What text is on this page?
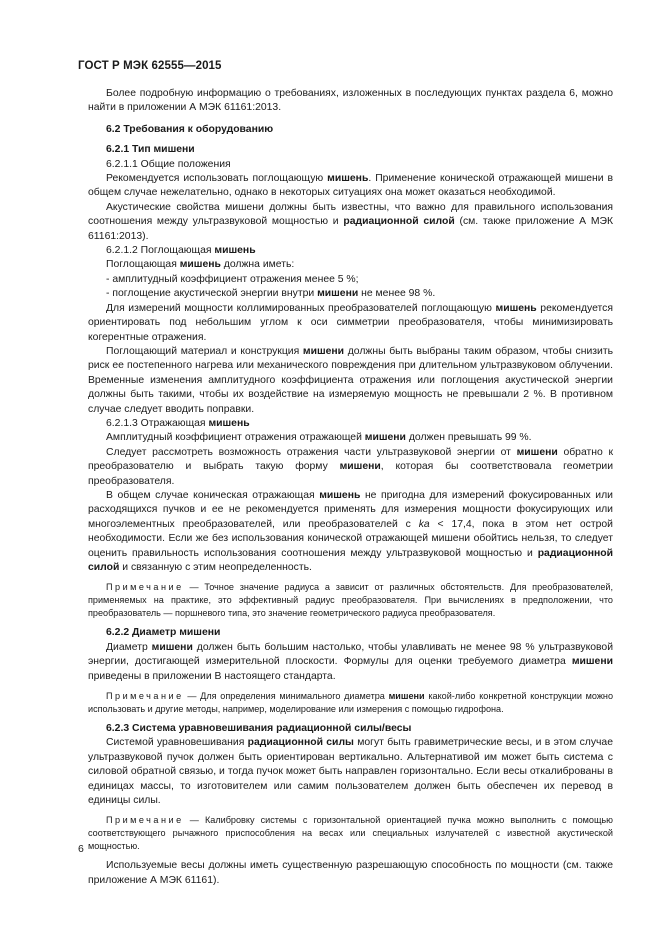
ГОСТ Р МЭК 62555—2015

Более подробную информацию о требованиях, изложенных в последующих пунктах раздела 6, можно найти в приложении А МЭК 61161:2013.

6.2 Требования к оборудованию

6.2.1 Тип мишени

6.2.1.1 Общие положения

Рекомендуется использовать поглощающую мишень. Применение конической отражающей мишени в общем случае нежелательно, однако в некоторых ситуациях она может оказаться необходимой.

Акустические свойства мишени должны быть известны, что важно для правильного использования соотношения между ультразвуковой мощностью и радиационной силой (см. также приложение А МЭК 61161:2013).

6.2.1.2 Поглощающая мишень

Поглощающая мишень должна иметь:

- амплитудный коэффициент отражения менее 5 %;

- поглощение акустической энергии внутри мишени не менее 98 %.

Для измерений мощности коллимированных преобразователей поглощающую мишень рекомендуется ориентировать под небольшим углом к оси симметрии преобразователя, чтобы минимизировать когерентные отражения.

Поглощающий материал и конструкция мишени должны быть выбраны таким образом, чтобы снизить риск ее постепенного нагрева или механического повреждения при длительном ультразвуковом облучении. Временные изменения амплитудного коэффициента отражения или поглощения акустической энергии должны быть такими, чтобы их воздействие на измеряемую мощность не превышали 2 %. В противном случае следует вводить поправки.

6.2.1.3 Отражающая мишень

Амплитудный коэффициент отражения отражающей мишени должен превышать 99 %.

Следует рассмотреть возможность отражения части ультразвуковой энергии от мишени обратно к преобразователю и выбрать такую форму мишени, которая бы соответствовала геометрии преобразователя.

В общем случае коническая отражающая мишень не пригодна для измерений фокусированных или расходящихся пучков и ее не рекомендуется применять для измерения мощности фокусирующих или многоэлементных преобразователей, или преобразователей с ka < 17,4, пока в этом нет острой необходимости. Если же без использования конической отражающей мишени обойтись нельзя, то следует оценить правильность использования соотношения между ультразвуковой мощностью и радиационной силой и связанную с этим неопределенность.

Примечание — Точное значение радиуса a зависит от различных обстоятельств. Для преобразователей, применяемых на практике, это эффективный радиус преобразователя. При вычислениях в предположении, что преобразователь — поршневого типа, это значение геометрического радиуса преобразователя.

6.2.2 Диаметр мишени

Диаметр мишени должен быть большим настолько, чтобы улавливать не менее 98 % ультразвуковой энергии, достигающей измерительной плоскости. Формулы для оценки требуемого диаметра мишени приведены в приложении В настоящего стандарта.

Примечание — Для определения минимального диаметра мишени какой-либо конкретной конструкции можно использовать и другие методы, например, моделирование или измерения с помощью гидрофона.

6.2.3 Система уравновешивания радиационной силы/весы

Системой уравновешивания радиационной силы могут быть гравиметрические весы, и в этом случае ультразвуковой пучок должен быть ориентирован вертикально. Альтернативой им может быть система с силовой обратной связью, и тогда пучок может быть направлен горизонтально. Если весы откалиброваны в единицах массы, то изготовителем или самим пользователем должен быть обеспечен их перевод в единицы силы.

Примечание — Калибровку системы с горизонтальной ориентацией пучка можно выполнить с помощью соответствующего рычажного приспособления на весах или специальных излучателей с известной акустической мощностью.

Используемые весы должны иметь существенную разрешающую способность по мощности (см. также приложение А МЭК 61161).

6
